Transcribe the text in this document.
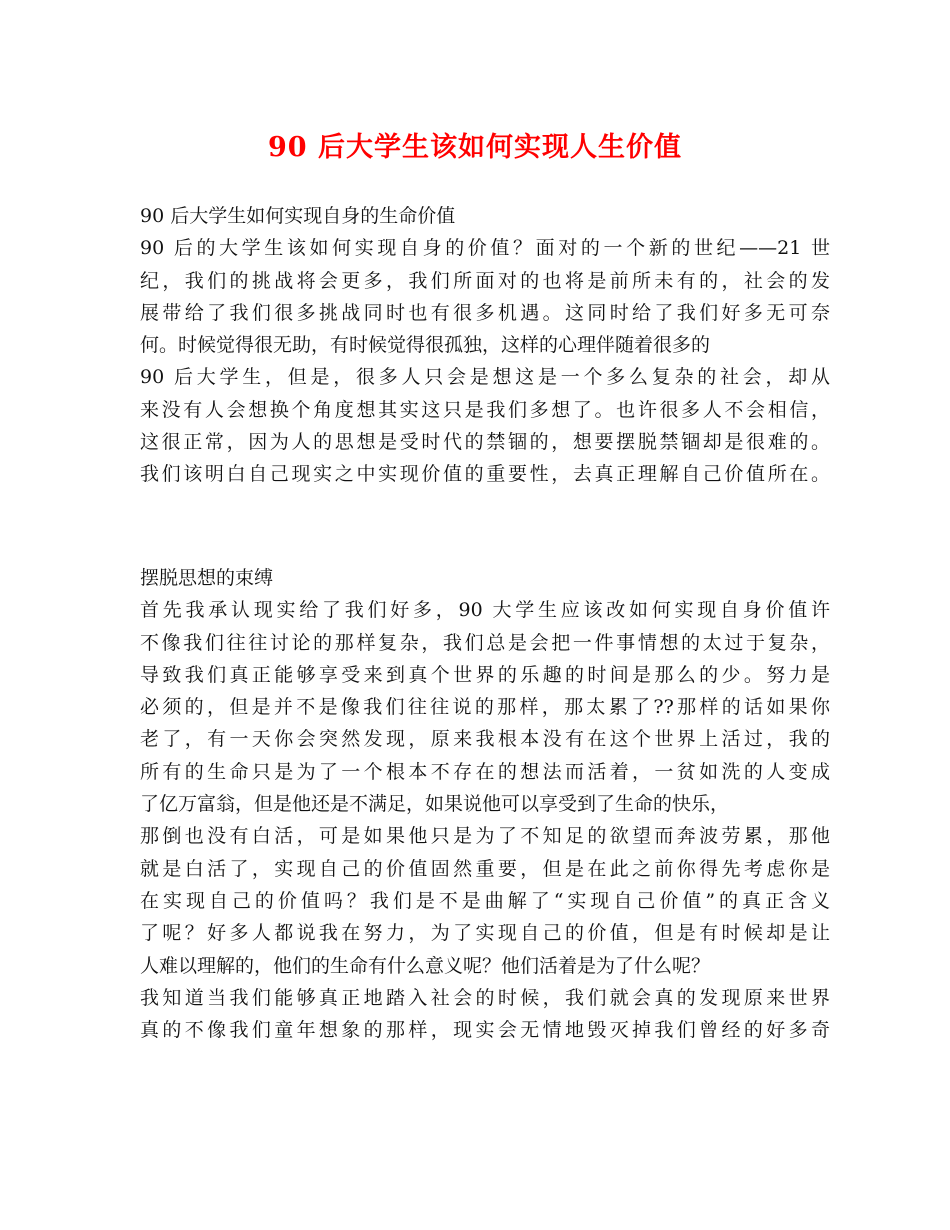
90 后大学生该如何实现人生价值
90 后大学生如何实现自身的生命价值
90 后的大学生该如何实现自身的价值？面对的一个新的世纪——21 世
纪，我们的挑战将会更多，我们所面对的也将是前所未有的，社会的发
展带给了我们很多挑战同时也有很多机遇。这同时给了我们好多无可奈
何。时候觉得很无助，有时候觉得很孤独，这样的心理伴随着很多的
90 后大学生，但是，很多人只会是想这是一个多么复杂的社会，却从
来没有人会想换个角度想其实这只是我们多想了。也许很多人不会相信，
这很正常，因为人的思想是受时代的禁锢的，想要摆脱禁锢却是很难的。
我们该明白自己现实之中实现价值的重要性，去真正理解自己价值所在。
摆脱思想的束缚
首先我承认现实给了我们好多，90 大学生应该改如何实现自身价值许
不像我们往往讨论的那样复杂，我们总是会把一件事情想的太过于复杂，
导致我们真正能够享受来到真个世界的乐趣的时间是那么的少。努力是
必须的，但是并不是像我们往往说的那样，那太累了??那样的话如果你
老了，有一天你会突然发现，原来我根本没有在这个世界上活过，我的
所有的生命只是为了一个根本不存在的想法而活着，一贫如洗的人变成
了亿万富翁，但是他还是不满足，如果说他可以享受到了生命的快乐，
那倒也没有白活，可是如果他只是为了不知足的欲望而奔波劳累，那他
就是白活了，实现自己的价值固然重要，但是在此之前你得先考虑你是
在实现自己的价值吗？我们是不是曲解了“实现自己价值”的真正含义
了呢？好多人都说我在努力，为了实现自己的价值，但是有时候却是让
人难以理解的，他们的生命有什么意义呢？他们活着是为了什么呢？
我知道当我们能够真正地踏入社会的时候，我们就会真的发现原来世界
真的不像我们童年想象的那样，现实会无情地毁灭掉我们曾经的好多奇
